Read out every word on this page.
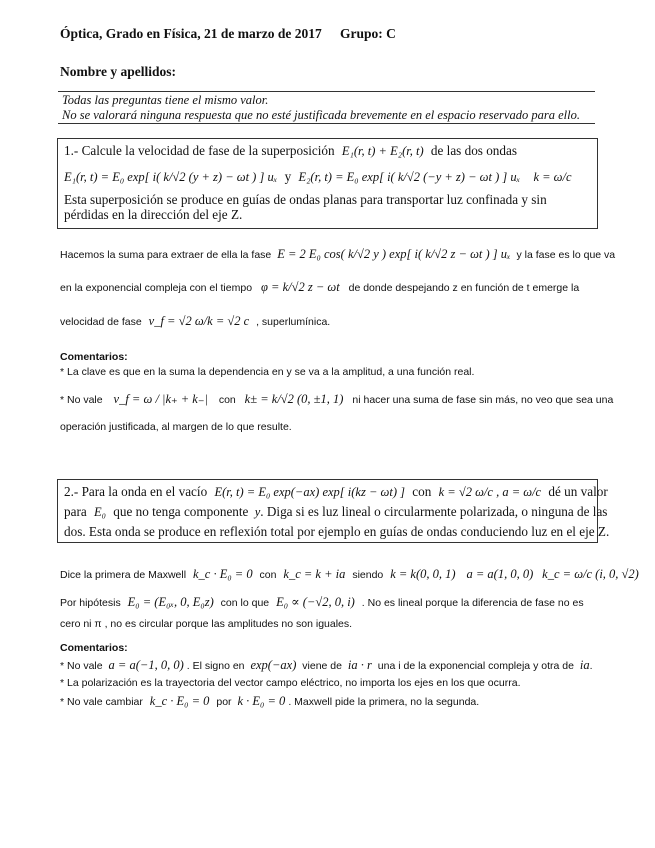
Óptica, Grado en Física, 21 de marzo de 2017 Grupo: C
Nombre y apellidos:
Todas las preguntas tiene el mismo valor.
No se valorará ninguna respuesta que no esté justificada brevemente en el espacio reservado para ello.
1.- Calcule la velocidad de fase de la superposición E₁(r, t) + E₂(r, t) de las dos ondas
E₁(r, t) = E₀ exp[ i( k/√2 (y + z) − ωt ) ] uₓ y E₂(r, t) = E₀ exp[ i( k/√2 (−y + z) − ωt ) ] uₓ k = ω/c
Esta superposición se produce en guías de ondas planas para transportar luz confinada y sin pérdidas en la dirección del eje Z.
Hacemos la suma para extraer de ella la fase E = 2 E₀ cos( k/√2 y ) exp[ i( k/√2 z − ωt ) ] uₓ y la fase es lo que va
en la exponencial compleja con el tiempo φ = k/√2 z − ωt de donde despejando z en función de t emerge la
velocidad de fase v_f = √2 ω/k = √2 c , superlumínica.
Comentarios:
* La clave es que en la suma la dependencia en y se va a la amplitud, a una función real.
* No vale v_f = ω / |k₊ + k₋| con k± = k/√2 (0, ±1, 1) ni hacer una suma de fase sin más, no veo que sea una
operación justificada, al margen de lo que resulte.
2.- Para la onda en el vacío E(r, t) = E₀ exp(−ax) exp[ i(kz − ωt) ] con k = √2 ω/c , a = ω/c dé un valor
para E₀ que no tenga componente y. Diga si es luz lineal o circularmente polarizada, o ninguna de las
dos. Esta onda se produce en reflexión total por ejemplo en guías de ondas conduciendo luz en el eje Z.
Dice la primera de Maxwell k_c · E₀ = 0 con k_c = k + ia siendo k = k(0, 0, 1) a = a(1, 0, 0) k_c = ω/c (i, 0, √2)
Por hipótesis E₀ = (E₀ₓ, 0, E₀z) con lo que E₀ ∝ (−√2, 0, i) . No es lineal porque la diferencia de fase no es
cero ni π , no es circular porque las amplitudes no son iguales.
Comentarios:
* No vale a = a(−1, 0, 0) . El signo en exp(−ax) viene de ia · r una i de la exponencial compleja y otra de ia.
* La polarización es la trayectoria del vector campo eléctrico, no importa los ejes en los que ocurra.
* No vale cambiar k_c · E₀ = 0 por k · E₀ = 0 . Maxwell pide la primera, no la segunda.
